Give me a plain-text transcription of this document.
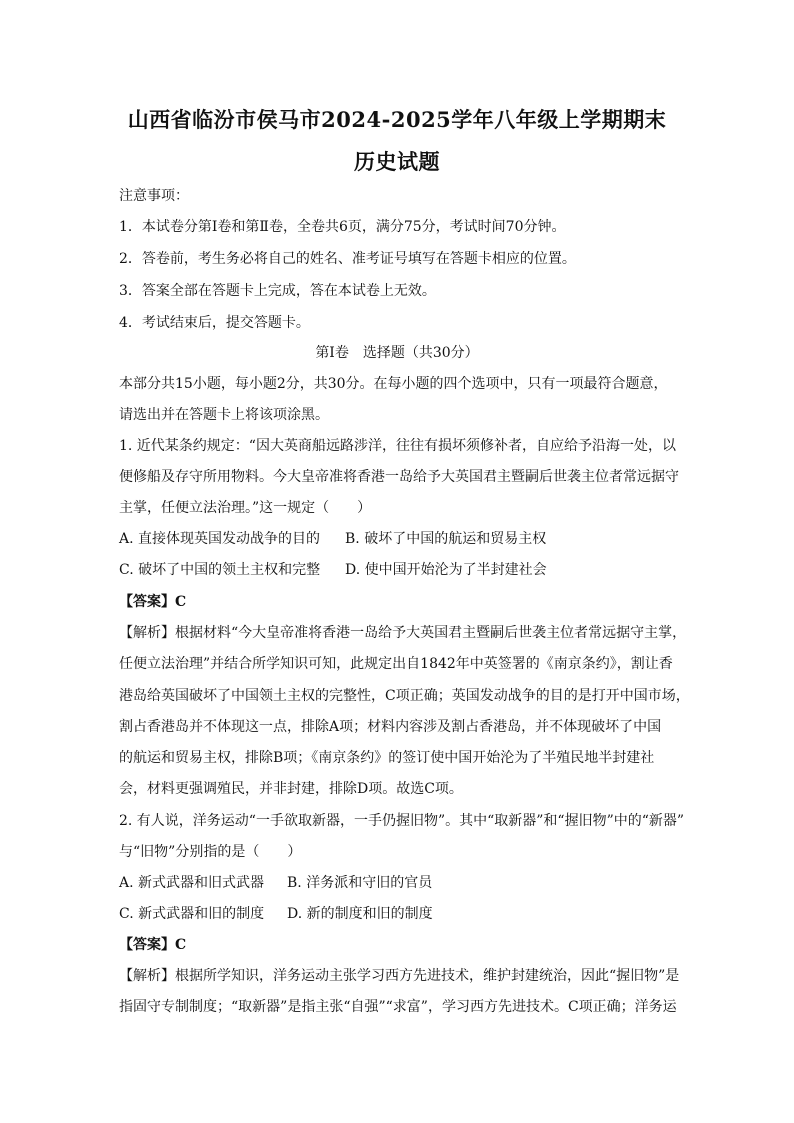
山西省临汾市侯马市2024-2025学年八年级上学期期末
历史试题
注意事项：
1．本试卷分第Ⅰ卷和第Ⅱ卷，全卷共6页，满分75分，考试时间70分钟。
2．答卷前，考生务必将自己的姓名、准考证号填写在答题卡相应的位置。
3．答案全部在答题卡上完成，答在本试卷上无效。
4．考试结束后，提交答题卡。
第Ⅰ卷　选择题（共30分）
本部分共15小题，每小题2分，共30分。在每小题的四个选项中，只有一项最符合题意，
请选出并在答题卡上将该项涂黑。
1. 近代某条约规定：“因大英商船远路涉洋，往往有损坏须修补者，自应给予沿海一处，以
便修船及存守所用物料。今大皇帝准将香港一岛给予大英国君主暨嗣后世袭主位者常远据守
主掌，任便立法治理。”这一规定（　　）
A. 直接体现英国发动战争的目的 B. 破坏了中国的航运和贸易主权
C. 破坏了中国的领土主权和完整 D. 使中国开始沦为了半封建社会
【答案】C
【解析】根据材料“今大皇帝准将香港一岛给予大英国君主暨嗣后世袭主位者常远据守主掌，
任便立法治理”并结合所学知识可知，此规定出自1842年中英签署的《南京条约》，割让香
港岛给英国破坏了中国领土主权的完整性，C项正确；英国发动战争的目的是打开中国市场，
割占香港岛并不体现这一点，排除A项；材料内容涉及割占香港岛，并不体现破坏了中国
的航运和贸易主权，排除B项；《南京条约》的签订使中国开始沦为了半殖民地半封建社
会，材料更强调殖民，并非封建，排除D项。故选C项。
2. 有人说，洋务运动“一手欲取新器，一手仍握旧物”。其中“取新器”和“握旧物”中的“新器”
与“旧物”分别指的是（　　）
A. 新式武器和旧式武器 B. 洋务派和守旧的官员
C. 新式武器和旧的制度 D. 新的制度和旧的制度
【答案】C
【解析】根据所学知识，洋务运动主张学习西方先进技术，维护封建统治，因此“握旧物”是
指固守专制制度；“取新器”是指主张“自强”“求富”，学习西方先进技术。C项正确；洋务运
